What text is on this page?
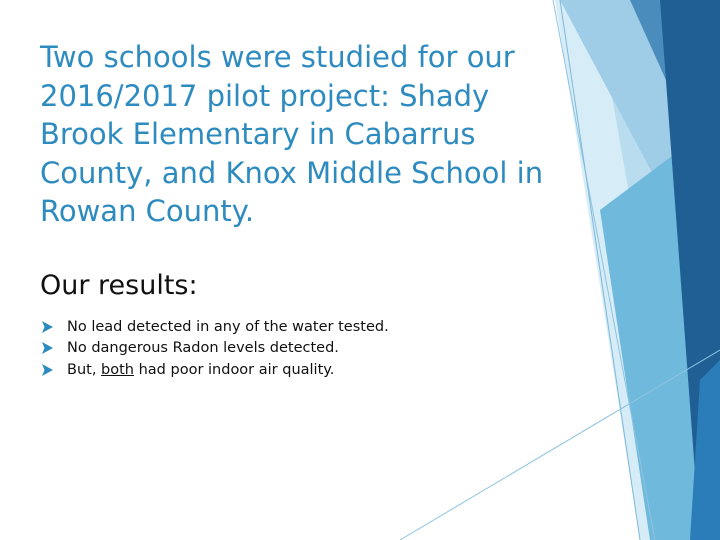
Two schools were studied for our 2016/2017 pilot project: Shady Brook Elementary in Cabarrus County, and Knox Middle School in Rowan County.
Our results:
No lead detected in any of the water tested.
No dangerous Radon levels detected.
But, both had poor indoor air quality.
